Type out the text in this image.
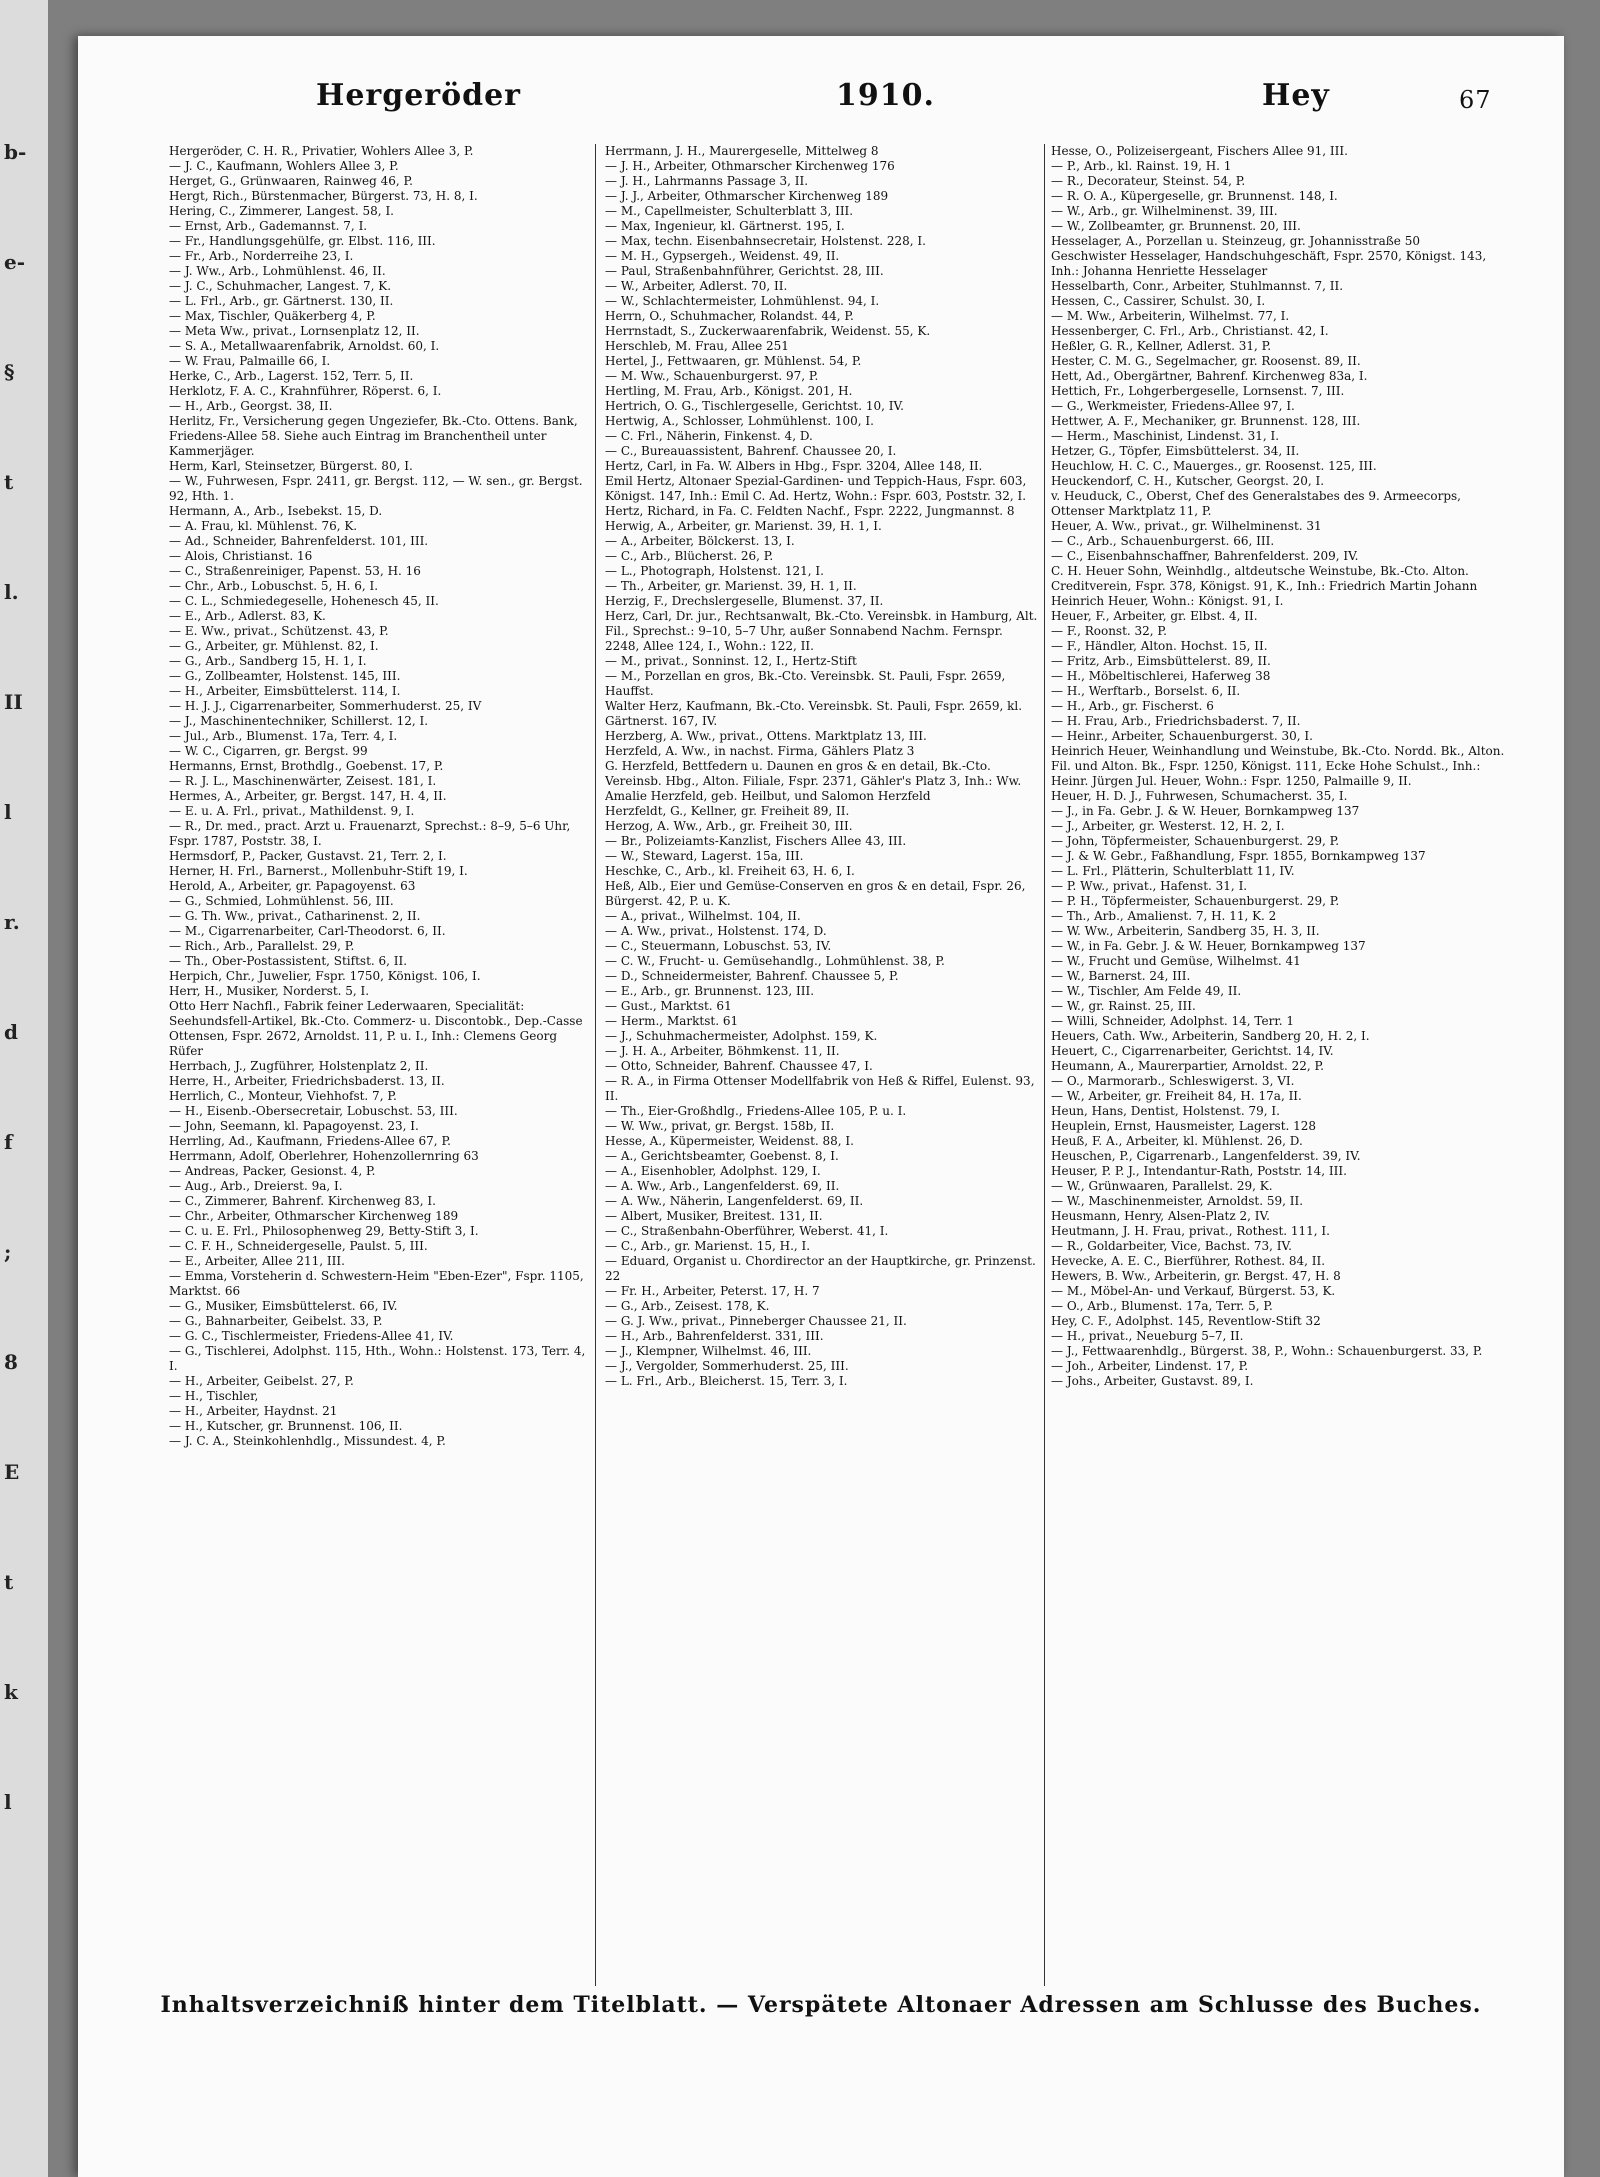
b-
e-
§
t
l.
II
l
r.
d
f
;
8
E
t
k
l
Hergeröder	1910.	Hey	67
Hergeröder, C. H. R., Privatier, Wohlers Allee 3, P.
— J. C., Kaufmann, Wohlers Allee 3, P.
Herget, G., Grünwaaren, Rainweg 46, P.
Hergt, Rich., Bürstenmacher, Bürgerst. 73, H. 8, I.
Hering, C., Zimmerer, Langest. 58, I.
— Ernst, Arb., Gademannst. 7, I.
— Fr., Handlungsgehülfe, gr. Elbst. 116, III.
— Fr., Arb., Norderreihe 23, I.
— J. Ww., Arb., Lohmühlenst. 46, II.
— J. C., Schuhmacher, Langest. 7, K.
— L. Frl., Arb., gr. Gärtnerst. 130, II.
— Max, Tischler, Quäkerberg 4, P.
— Meta Ww., privat., Lornsenplatz 12, II.
— S. A., Metallwaarenfabrik, Arnoldst. 60, I.
— W. Frau, Palmaille 66, I.
Herke, C., Arb., Lagerst. 152, Terr. 5, II.
Herklotz, F. A. C., Krahnführer, Röperst. 6, I.
— H., Arb., Georgst. 38, II.
Herlitz, Fr., Versicherung gegen Ungeziefer, Bk.-Cto. Ottens. Bank, Friedens-Allee 58. Siehe auch Eintrag im Branchentheil unter Kammerjäger.
Herm, Karl, Steinsetzer, Bürgerst. 80, I.
— W., Fuhrwesen, Fspr. 2411, gr. Bergst. 112, — W. sen., gr. Bergst. 92, Hth. 1.
Hermann, A., Arb., Isebekst. 15, D.
— A. Frau, kl. Mühlenst. 76, K.
— Ad., Schneider, Bahrenfelderst. 101, III.
— Alois, Christianst. 16
— C., Straßenreiniger, Papenst. 53, H. 16
— Chr., Arb., Lobuschst. 5, H. 6, I.
— C. L., Schmiedegeselle, Hohenesch 45, II.
— E., Arb., Adlerst. 83, K.
— E. Ww., privat., Schützenst. 43, P.
— G., Arbeiter, gr. Mühlenst. 82, I.
— G., Arb., Sandberg 15, H. 1, I.
— G., Zollbeamter, Holstenst. 145, III.
— H., Arbeiter, Eimsbüttelerst. 114, I.
— H. J. J., Cigarrenarbeiter, Sommerhuderst. 25, IV
— J., Maschinentechniker, Schillerst. 12, I.
— Jul., Arb., Blumenst. 17a, Terr. 4, I.
— W. C., Cigarren, gr. Bergst. 99
Hermanns, Ernst, Brothdlg., Goebenst. 17, P.
— R. J. L., Maschinenwärter, Zeisest. 181, I.
Hermes, A., Arbeiter, gr. Bergst. 147, H. 4, II.
— E. u. A. Frl., privat., Mathildenst. 9, I.
— R., Dr. med., pract. Arzt u. Frauenarzt, Sprechst.: 8–9, 5–6 Uhr, Fspr. 1787, Poststr. 38, I.
Hermsdorf, P., Packer, Gustavst. 21, Terr. 2, I.
Herner, H. Frl., Barnerst., Mollenbuhr-Stift 19, I.
Herold, A., Arbeiter, gr. Papagoyenst. 63
— G., Schmied, Lohmühlenst. 56, III.
— G. Th. Ww., privat., Catharinenst. 2, II.
— M., Cigarrenarbeiter, Carl-Theodorst. 6, II.
— Rich., Arb., Parallelst. 29, P.
— Th., Ober-Postassistent, Stiftst. 6, II.
Herpich, Chr., Juwelier, Fspr. 1750, Königst. 106, I.
Herr, H., Musiker, Norderst. 5, I.
Otto Herr Nachfl., Fabrik feiner Lederwaaren, Specialität: Seehundsfell-Artikel, Bk.-Cto. Commerz- u. Discontobk., Dep.-Casse Ottensen, Fspr. 2672, Arnoldst. 11, P. u. I., Inh.: Clemens Georg Rüfer
Herrbach, J., Zugführer, Holstenplatz 2, II.
Herre, H., Arbeiter, Friedrichsbaderst. 13, II.
Herrlich, C., Monteur, Viehhofst. 7, P.
— H., Eisenb.-Obersecretair, Lobuschst. 53, III.
— John, Seemann, kl. Papagoyenst. 23, I.
Herrling, Ad., Kaufmann, Friedens-Allee 67, P.
Herrmann, Adolf, Oberlehrer, Hohenzollernring 63
— Andreas, Packer, Gesionst. 4, P.
— Aug., Arb., Dreierst. 9a, I.
— C., Zimmerer, Bahrenf. Kirchenweg 83, I.
— Chr., Arbeiter, Othmarscher Kirchenweg 189
— C. u. E. Frl., Philosophenweg 29, Betty-Stift 3, I.
— C. F. H., Schneidergeselle, Paulst. 5, III.
— E., Arbeiter, Allee 211, III.
— Emma, Vorsteherin d. Schwestern-Heim "Eben-Ezer", Fspr. 1105, Marktst. 66
— G., Musiker, Eimsbüttelerst. 66, IV.
— G., Bahnarbeiter, Geibelst. 33, P.
— G. C., Tischlermeister, Friedens-Allee 41, IV.
— G., Tischlerei, Adolphst. 115, Hth., Wohn.: Holstenst. 173, Terr. 4, I.
— H., Arbeiter, Geibelst. 27, P.
— H., Tischler,
— H., Arbeiter, Haydnst. 21
— H., Kutscher, gr. Brunnenst. 106, II.
— J. C. A., Steinkohlenhdlg., Missundest. 4, P.
Herrmann, J. H., Maurergeselle, Mittelweg 8
— J. H., Arbeiter, Othmarscher Kirchenweg 176
— J. H., Lahrmanns Passage 3, II.
— J. J., Arbeiter, Othmarscher Kirchenweg 189
— M., Capellmeister, Schulterblatt 3, III.
— Max, Ingenieur, kl. Gärtnerst. 195, I.
— Max, techn. Eisenbahnsecretair, Holstenst. 228, I.
— M. H., Gypsergeh., Weidenst. 49, II.
— Paul, Straßenbahnführer, Gerichtst. 28, III.
— W., Arbeiter, Adlerst. 70, II.
— W., Schlachtermeister, Lohmühlenst. 94, I.
Herrn, O., Schuhmacher, Rolandst. 44, P.
Herrnstadt, S., Zuckerwaarenfabrik, Weidenst. 55, K.
Herschleb, M. Frau, Allee 251
Hertel, J., Fettwaaren, gr. Mühlenst. 54, P.
— M. Ww., Schauenburgerst. 97, P.
Hertling, M. Frau, Arb., Königst. 201, H.
Hertrich, O. G., Tischlergeselle, Gerichtst. 10, IV.
Hertwig, A., Schlosser, Lohmühlenst. 100, I.
— C. Frl., Näherin, Finkenst. 4, D.
— C., Bureauassistent, Bahrenf. Chaussee 20, I.
Hertz, Carl, in Fa. W. Albers in Hbg., Fspr. 3204, Allee 148, II.
Emil Hertz, Altonaer Spezial-Gardinen- und Teppich-Haus, Fspr. 603, Königst. 147, Inh.: Emil C. Ad. Hertz, Wohn.: Fspr. 603, Poststr. 32, I.
Hertz, Richard, in Fa. C. Feldten Nachf., Fspr. 2222, Jungmannst. 8
Herwig, A., Arbeiter, gr. Marienst. 39, H. 1, I.
— A., Arbeiter, Bölckerst. 13, I.
— C., Arb., Blücherst. 26, P.
— L., Photograph, Holstenst. 121, I.
— Th., Arbeiter, gr. Marienst. 39, H. 1, II.
Herzig, F., Drechslergeselle, Blumenst. 37, II.
Herz, Carl, Dr. jur., Rechtsanwalt, Bk.-Cto. Vereinsbk. in Hamburg, Alt. Fil., Sprechst.: 9–10, 5–7 Uhr, außer Sonnabend Nachm. Fernspr. 2248, Allee 124, I., Wohn.: 122, II.
— M., privat., Sonninst. 12, I., Hertz-Stift
— M., Porzellan en gros, Bk.-Cto. Vereinsbk. St. Pauli, Fspr. 2659, Hauffst.
Walter Herz, Kaufmann, Bk.-Cto. Vereinsbk. St. Pauli, Fspr. 2659, kl. Gärtnerst. 167, IV.
Herzberg, A. Ww., privat., Ottens. Marktplatz 13, III.
Herzfeld, A. Ww., in nachst. Firma, Gählers Platz 3
G. Herzfeld, Bettfedern u. Daunen en gros & en detail, Bk.-Cto. Vereinsb. Hbg., Alton. Filiale, Fspr. 2371, Gähler's Platz 3, Inh.: Ww. Amalie Herzfeld, geb. Heilbut, und Salomon Herzfeld
Herzfeldt, G., Kellner, gr. Freiheit 89, II.
Herzog, A. Ww., Arb., gr. Freiheit 30, III.
— Br., Polizeiamts-Kanzlist, Fischers Allee 43, III.
— W., Steward, Lagerst. 15a, III.
Heschke, C., Arb., kl. Freiheit 63, H. 6, I.
Heß, Alb., Eier und Gemüse-Conserven en gros & en detail, Fspr. 26, Bürgerst. 42, P. u. K.
— A., privat., Wilhelmst. 104, II.
— A. Ww., privat., Holstenst. 174, D.
— C., Steuermann, Lobuschst. 53, IV.
— C. W., Frucht- u. Gemüsehandlg., Lohmühlenst. 38, P.
— D., Schneidermeister, Bahrenf. Chaussee 5, P.
— E., Arb., gr. Brunnenst. 123, III.
— Gust., Marktst. 61
— Herm., Marktst. 61
— J., Schuhmachermeister, Adolphst. 159, K.
— J. H. A., Arbeiter, Böhmkenst. 11, II.
— Otto, Schneider, Bahrenf. Chaussee 47, I.
— R. A., in Firma Ottenser Modellfabrik von Heß & Riffel, Eulenst. 93, II.
— Th., Eier-Großhdlg., Friedens-Allee 105, P. u. I.
— W. Ww., privat, gr. Bergst. 158b, II.
Hesse, A., Küpermeister, Weidenst. 88, I.
— A., Gerichtsbeamter, Goebenst. 8, I.
— A., Eisenhobler, Adolphst. 129, I.
— A. Ww., Arb., Langenfelderst. 69, II.
— A. Ww., Näherin, Langenfelderst. 69, II.
— Albert, Musiker, Breitest. 131, II.
— C., Straßenbahn-Oberführer, Weberst. 41, I.
— C., Arb., gr. Marienst. 15, H., I.
— Eduard, Organist u. Chordirector an der Hauptkirche, gr. Prinzenst. 22
— Fr. H., Arbeiter, Peterst. 17, H. 7
— G., Arb., Zeisest. 178, K.
— G. J. Ww., privat., Pinneberger Chaussee 21, II.
— H., Arb., Bahrenfelderst. 331, III.
— J., Klempner, Wilhelmst. 46, III.
— J., Vergolder, Sommerhuderst. 25, III.
— L. Frl., Arb., Bleicherst. 15, Terr. 3, I.
Hesse, O., Polizeisergeant, Fischers Allee 91, III.
— P., Arb., kl. Rainst. 19, H. 1
— R., Decorateur, Steinst. 54, P.
— R. O. A., Küpergeselle, gr. Brunnenst. 148, I.
— W., Arb., gr. Wilhelminenst. 39, III.
— W., Zollbeamter, gr. Brunnenst. 20, III.
Hesselager, A., Porzellan u. Steinzeug, gr. Johannisstraße 50
Geschwister Hesselager, Handschuhgeschäft, Fspr. 2570, Königst. 143, Inh.: Johanna Henriette Hesselager
Hesselbarth, Conr., Arbeiter, Stuhlmannst. 7, II.
Hessen, C., Cassirer, Schulst. 30, I.
— M. Ww., Arbeiterin, Wilhelmst. 77, I.
Hessenberger, C. Frl., Arb., Christianst. 42, I.
Heßler, G. R., Kellner, Adlerst. 31, P.
Hester, C. M. G., Segelmacher, gr. Roosenst. 89, II.
Hett, Ad., Obergärtner, Bahrenf. Kirchenweg 83a, I.
Hettich, Fr., Lohgerbergeselle, Lornsenst. 7, III.
— G., Werkmeister, Friedens-Allee 97, I.
Hettwer, A. F., Mechaniker, gr. Brunnenst. 128, III.
— Herm., Maschinist, Lindenst. 31, I.
Hetzer, G., Töpfer, Eimsbüttelerst. 34, II.
Heuchlow, H. C. C., Mauerges., gr. Roosenst. 125, III.
Heuckendorf, C. H., Kutscher, Georgst. 20, I.
v. Heuduck, C., Oberst, Chef des Generalstabes des 9. Armeecorps, Ottenser Marktplatz 11, P.
Heuer, A. Ww., privat., gr. Wilhelminenst. 31
— C., Arb., Schauenburgerst. 66, III.
— C., Eisenbahnschaffner, Bahrenfelderst. 209, IV.
C. H. Heuer Sohn, Weinhdlg., altdeutsche Weinstube, Bk.-Cto. Alton. Creditverein, Fspr. 378, Königst. 91, K., Inh.: Friedrich Martin Johann Heinrich Heuer, Wohn.: Königst. 91, I.
Heuer, F., Arbeiter, gr. Elbst. 4, II.
— F., Roonst. 32, P.
— F., Händler, Alton. Hochst. 15, II.
— Fritz, Arb., Eimsbüttelerst. 89, II.
— H., Möbeltischlerei, Haferweg 38
— H., Werftarb., Borselst. 6, II.
— H., Arb., gr. Fischerst. 6
— H. Frau, Arb., Friedrichsbaderst. 7, II.
— Heinr., Arbeiter, Schauenburgerst. 30, I.
Heinrich Heuer, Weinhandlung und Weinstube, Bk.-Cto. Nordd. Bk., Alton. Fil. und Alton. Bk., Fspr. 1250, Königst. 111, Ecke Hohe Schulst., Inh.: Heinr. Jürgen Jul. Heuer, Wohn.: Fspr. 1250, Palmaille 9, II.
Heuer, H. D. J., Fuhrwesen, Schumacherst. 35, I.
— J., in Fa. Gebr. J. & W. Heuer, Bornkampweg 137
— J., Arbeiter, gr. Westerst. 12, H. 2, I.
— John, Töpfermeister, Schauenburgerst. 29, P.
— J. & W. Gebr., Faßhandlung, Fspr. 1855, Bornkampweg 137
— L. Frl., Plätterin, Schulterblatt 11, IV.
— P. Ww., privat., Hafenst. 31, I.
— P. H., Töpfermeister, Schauenburgerst. 29, P.
— Th., Arb., Amalienst. 7, H. 11, K. 2
— W. Ww., Arbeiterin, Sandberg 35, H. 3, II.
— W., in Fa. Gebr. J. & W. Heuer, Bornkampweg 137
— W., Frucht und Gemüse, Wilhelmst. 41
— W., Barnerst. 24, III.
— W., Tischler, Am Felde 49, II.
— W., gr. Rainst. 25, III.
— Willi, Schneider, Adolphst. 14, Terr. 1
Heuers, Cath. Ww., Arbeiterin, Sandberg 20, H. 2, I.
Heuert, C., Cigarrenarbeiter, Gerichtst. 14, IV.
Heumann, A., Maurerpartier, Arnoldst. 22, P.
— O., Marmorarb., Schleswigerst. 3, VI.
— W., Arbeiter, gr. Freiheit 84, H. 17a, II.
Heun, Hans, Dentist, Holstenst. 79, I.
Heuplein, Ernst, Hausmeister, Lagerst. 128
Heuß, F. A., Arbeiter, kl. Mühlenst. 26, D.
Heuschen, P., Cigarrenarb., Langenfelderst. 39, IV.
Heuser, P. P. J., Intendantur-Rath, Poststr. 14, III.
— W., Grünwaaren, Parallelst. 29, K.
— W., Maschinenmeister, Arnoldst. 59, II.
Heusmann, Henry, Alsen-Platz 2, IV.
Heutmann, J. H. Frau, privat., Rothest. 111, I.
— R., Goldarbeiter, Vice, Bachst. 73, IV.
Hevecke, A. E. C., Bierführer, Rothest. 84, II.
Hewers, B. Ww., Arbeiterin, gr. Bergst. 47, H. 8
— M., Möbel-An- und Verkauf, Bürgerst. 53, K.
— O., Arb., Blumenst. 17a, Terr. 5, P.
Hey, C. F., Adolphst. 145, Reventlow-Stift 32
— H., privat., Neueburg 5–7, II.
— J., Fettwaarenhdlg., Bürgerst. 38, P., Wohn.: Schauenburgerst. 33, P.
— Joh., Arbeiter, Lindenst. 17, P.
— Johs., Arbeiter, Gustavst. 89, I.
Inhaltsverzeichniß hinter dem Titelblatt. — Verspätete Altonaer Adressen am Schlusse des Buches.
